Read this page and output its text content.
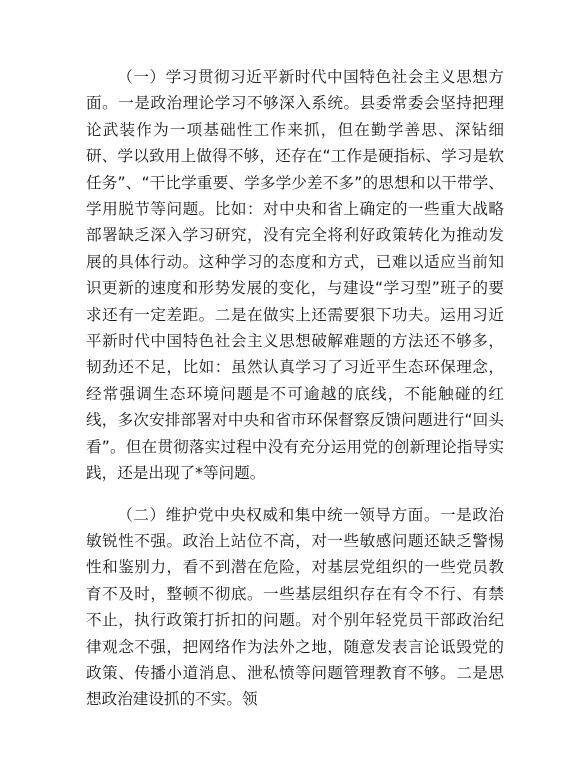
（一）学习贯彻习近平新时代中国特色社会主义思想方面。一是政治理论学习不够深入系统。县委常委会坚持把理论武装作为一项基础性工作来抓，但在勤学善思、深钻细研、学以致用上做得不够，还存在“工作是硬指标、学习是软任务”、“干比学重要、学多学少差不多”的思想和以干带学、学用脱节等问题。比如：对中央和省上确定的一些重大战略部署缺乏深入学习研究，没有完全将利好政策转化为推动发展的具体行动。这种学习的态度和方式，已难以适应当前知识更新的速度和形势发展的变化，与建设“学习型”班子的要求还有一定差距。二是在做实上还需要狠下功夫。运用习近平新时代中国特色社会主义思想破解难题的方法还不够多，韧劲还不足，比如：虽然认真学习了习近平生态环保理念，经常强调生态环境问题是不可逾越的底线，不能触碰的红线，多次安排部署对中央和省市环保督察反馈问题进行“回头看”。但在贯彻落实过程中没有充分运用党的创新理论指导实践，还是出现了*等问题。

（二）维护党中央权威和集中统一领导方面。一是政治敏锐性不强。政治上站位不高，对一些敏感问题还缺乏警惕性和鉴别力，看不到潜在危险，对基层党组织的一些党员教育不及时，整顿不彻底。一些基层组织存在有令不行、有禁不止，执行政策打折扣的问题。对个别年轻党员干部政治纪律观念不强，把网络作为法外之地，随意发表言论诋毁党的政策、传播小道消息、泄私愤等问题管理教育不够。二是思想政治建设抓的不实。领
